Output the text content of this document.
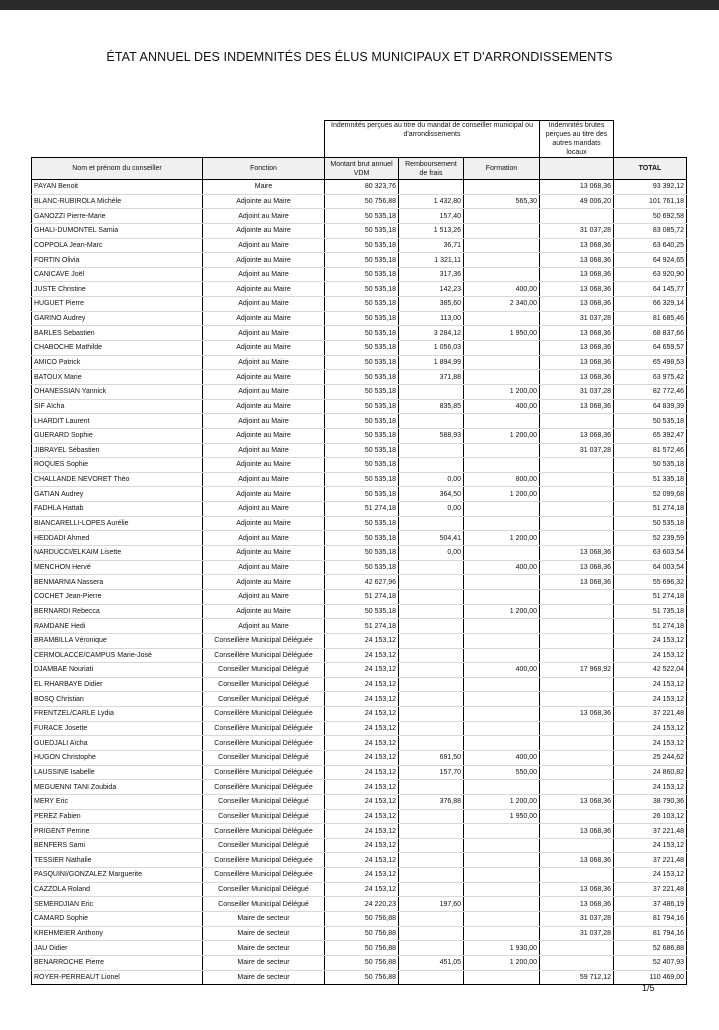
ÉTAT ANNUEL DES INDEMNITÉS DES ÉLUS MUNICIPAUX ET D'ARRONDISSEMENTS
		Indemnités perçues au titre du mandat de conseiller municipal ou d'arrondissements			Indemnités brutes perçues au titre des autres mandats locaux	
Nom et prénom du conseiller	Fonction	Montant brut annuel VDM	Remboursement de frais	Formation		TOTAL
PAYAN Benoit	Maire	80 323,76			13 068,36	93 392,12
BLANC-RUBIROLA Michèle	Adjointe au Maire	50 756,88	1 432,80	565,30	49 006,20	101 761,18
GANOZZI Pierre-Marie	Adjoint au Maire	50 535,18	157,40			50 692,58
GHALI-DUMONTEL Samia	Adjointe au Maire	50 535,18	1 513,26		31 037,28	83 085,72
COPPOLA Jean-Marc	Adjoint au Maire	50 535,18	36,71		13 068,36	63 640,25
FORTIN Olivia	Adjointe au Maire	50 535,18	1 321,11		13 068,36	64 924,65
CANICAVE Joël	Adjoint au Maire	50 535,18	317,36		13 068,36	63 920,90
JUSTE Christine	Adjointe au Maire	50 535,18	142,23	400,00	13 068,36	64 145,77
HUGUET Pierre	Adjoint au Maire	50 535,18	385,60	2 340,00	13 068,36	66 329,14
GARINO Audrey	Adjointe au Maire	50 535,18	113,00		31 037,28	81 685,46
BARLES Sebastien	Adjoint au Maire	50 535,18	3 284,12	1 950,00	13 068,36	68 837,66
CHABOCHE Mathilde	Adjointe au Maire	50 535,18	1 056,03		13 068,36	64 659,57
AMICO Patrick	Adjoint au Maire	50 535,18	1 894,99		13 068,36	65 498,53
BATOUX Marie	Adjointe au Maire	50 535,18	371,88		13 068,36	63 975,42
OHANESSIAN Yannick	Adjoint au Maire	50 535,18		1 200,00	31 037,28	82 772,46
SIF Aïcha	Adjointe au Maire	50 535,18	835,85	400,00	13 068,36	64 839,39
LHARDIT Laurent	Adjoint au Maire	50 535,18				50 535,18
GUERARD Sophie	Adjointe au Maire	50 535,18	588,93	1 200,00	13 068,36	65 392,47
JIBRAYEL Sébastien	Adjoint au Maire	50 535,18			31 037,28	81 572,46
ROQUES Sophie	Adjointe au Maire	50 535,18				50 535,18
CHALLANDE NEVORET Théo	Adjoint au Maire	50 535,18	0,00	800,00		51 335,18
GATIAN Audrey	Adjointe au Maire	50 535,18	364,50	1 200,00		52 099,68
FADHLA Hattab	Adjoint au Maire	51 274,18	0,00			51 274,18
BIANCARELLI-LOPES Aurélie	Adjointe au Maire	50 535,18				50 535,18
HEDDADI Ahmed	Adjoint au Maire	50 535,18	504,41	1 200,00		52 239,59
NARDUCCI/ELKAIM Lisette	Adjointe au Maire	50 535,18	0,00		13 068,36	63 603,54
MENCHON Hervé	Adjoint au Maire	50 535,18		400,00	13 068,36	64 003,54
BENMARNIA Nassera	Adjointe au Maire	42 627,96			13 068,36	55 696,32
COCHET Jean-Pierre	Adjoint au Maire	51 274,18				51 274,18
BERNARDI Rebecca	Adjointe au Maire	50 535,18		1 200,00		51 735,18
RAMDANE Hedi	Adjoint au Maire	51 274,18				51 274,18
BRAMBILLA Véronique	Conseillère Municipal Déléguée	24 153,12				24 153,12
CERMOLACCE/CAMPUS Marie-José	Conseillère Municipal Déléguée	24 153,12				24 153,12
DJAMBAE Nouriati	Conseiller Municipal Délégué	24 153,12		400,00	17 968,92	42 522,04
EL RHARBAYE Didier	Conseiller Municipal Délégué	24 153,12				24 153,12
BOSQ Christian	Conseiller Municipal Délégué	24 153,12				24 153,12
FRENTZEL/CARLE Lydia	Conseillère Municipal Déléguée	24 153,12			13 068,36	37 221,48
FURACE Josette	Conseillère Municipal Déléguée	24 153,12				24 153,12
GUEDJALI Aïcha	Conseillère Municipal Déléguée	24 153,12				24 153,12
HUGON Christophe	Conseiller Municipal Délégué	24 153,12	691,50	400,00		25 244,62
LAUSSINE Isabelle	Conseillère Municipal Déléguée	24 153,12	157,70	550,00		24 860,82
MEGUENNI TANI Zoubida	Conseillère Municipal Déléguée	24 153,12				24 153,12
MERY Eric	Conseiller Municipal Délégué	24 153,12	376,88	1 200,00	13 068,36	38 790,36
PEREZ Fabien	Conseiller Municipal Délégué	24 153,12		1 950,00		26 103,12
PRIGENT Perrine	Conseillère Municipal Déléguée	24 153,12			13 068,36	37 221,48
BENFERS Sami	Conseiller Municipal Délégué	24 153,12				24 153,12
TESSIER Nathalie	Conseillère Municipal Déléguée	24 153,12			13 068,36	37 221,48
PASQUINI/GONZALEZ Marguerite	Conseillère Municipal Déléguée	24 153,12				24 153,12
CAZZOLA Roland	Conseiller Municipal Délégué	24 153,12			13 068,36	37 221,48
SEMERDJIAN Eric	Conseiller Municipal Délégué	24 220,23	197,60		13 068,36	37 486,19
CAMARD Sophie	Maire de secteur	50 756,88			31 037,28	81 794,16
KREHMEIER Anthony	Maire de secteur	50 756,88			31 037,28	81 794,16
JAU Didier	Maire de secteur	50 756,88		1 930,00		52 686,88
BENARROCHE Pierre	Maire de secteur	50 756,88	451,05	1 200,00		52 407,93
ROYER-PERREAUT Lionel	Maire de secteur	50 756,88			59 712,12	110 469,00
1/5
